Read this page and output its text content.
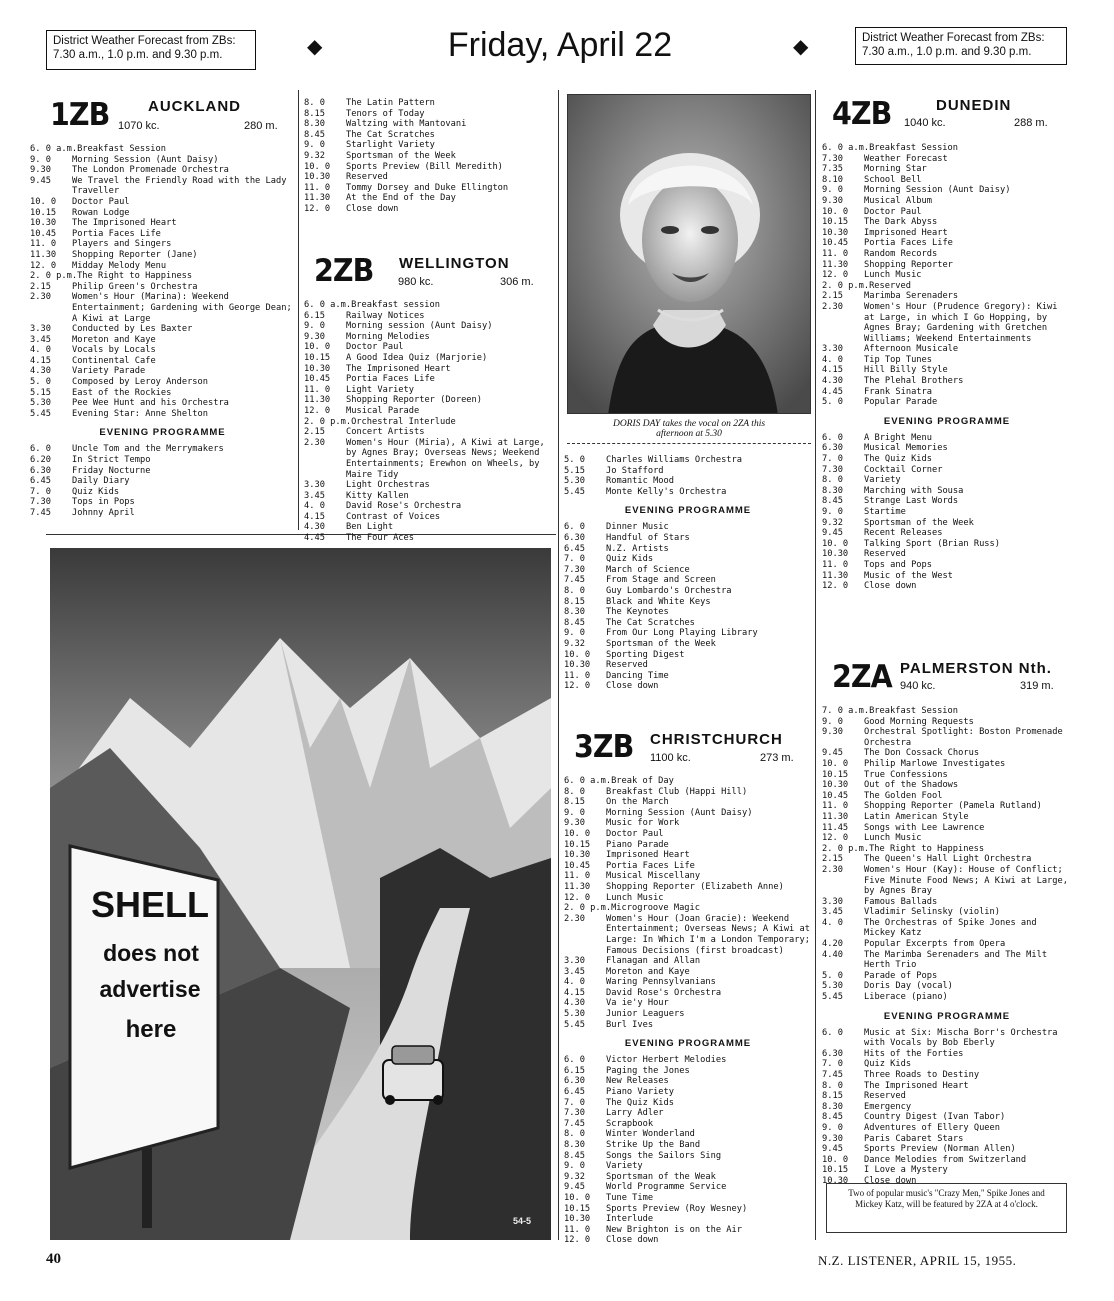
District Weather Forecast from ZBs:
7.30 a.m., 1.0 p.m. and 9.30 p.m.	◆	Friday, April 22	◆	District Weather Forecast from ZBs:
7.30 a.m., 1.0 p.m. and 9.30 p.m.
1ZB	AUCKLAND
1070 kc.	280 m.
6. 0 a.m. Breakfast Session
9. 0	Morning Session (Aunt Daisy)
9.30	The London Promenade Orchestra
9.45	We Travel the Friendly Road with the Lady Traveller
10. 0	Doctor Paul
10.15	Rowan Lodge
10.30	The Imprisoned Heart
10.45	Portia Faces Life
11. 0	Players and Singers
11.30	Shopping Reporter (Jane)
12. 0	Midday Melody Menu
2. 0 p.m. The Right to Happiness
2.15	Philip Green's Orchestra
2.30	Women's Hour (Marina): Weekend Entertainment; Gardening with George Dean; A Kiwi at Large
3.30	Conducted by Les Baxter
3.45	Moreton and Kaye
4. 0	Vocals by Locals
4.15	Continental Cafe
4.30	Variety Parade
5. 0	Composed by Leroy Anderson
5.15	East of the Rockies
5.30	Pee Wee Hunt and his Orchestra
5.45	Evening Star: Anne Shelton
EVENING PROGRAMME
6. 0	Uncle Tom and the Merrymakers
6.20	In Strict Tempo
6.30	Friday Nocturne
6.45	Daily Diary
7. 0	Quiz Kids
7.30	Tops in Pops
7.45	Johnny April
8. 0	The Latin Pattern
8.15	Tenors of Today
8.30	Waltzing with Mantovani
8.45	The Cat Scratches
9. 0	Starlight Variety
9.32	Sportsman of the Week
10. 0	Sports Preview (Bill Meredith)
10.30	Reserved
11. 0	Tommy Dorsey and Duke Ellington
11.30	At the End of the Day
12. 0	Close down
2ZB WELLINGTON
980 kc.	306 m.
6. 0 a.m. Breakfast session
6.15	Railway Notices
9. 0	Morning session (Aunt Daisy)
9.30	Morning Melodies
10. 0	Doctor Paul
10.15	A Good Idea Quiz (Marjorie)
10.30	The Imprisoned Heart
10.45	Portia Faces Life
11. 0	Light Variety
11.30	Shopping Reporter (Doreen)
12. 0	Musical Parade
2. 0 p.m. Orchestral Interlude
2.15	Concert Artists
2.30	Women's Hour (Miria), A Kiwi at Large, by Agnes Bray; Overseas News; Weekend Entertainments; Erewhon on Wheels, by Maire Tidy
3.30	Light Orchestras
3.45	Kitty Kallen
4. 0	David Rose's Orchestra
4.15	Contrast of Voices
4.30	Ben Light
4.45	The Four Aces
DORIS DAY takes the vocal on 2ZA this
afternoon at 5.30
5. 0	Charles Williams Orchestra
5.15	Jo Stafford
5.30	Romantic Mood
5.45	Monte Kelly's Orchestra
EVENING PROGRAMME
6. 0	Dinner Music
6.30	Handful of Stars
6.45	N.Z. Artists
7. 0	Quiz Kids
7.30	March of Science
7.45	From Stage and Screen
8. 0	Guy Lombardo's Orchestra
8.15	Black and White Keys
8.30	The Keynotes
8.45	The Cat Scratches
9. 0	From Our Long Playing Library
9.32	Sportsman of the Week
10. 0	Sporting Digest
10.30	Reserved
11. 0	Dancing Time
12. 0	Close down
3ZB CHRISTCHURCH
1100 kc.	273 m.
6. 0 a.m. Break of Day
8. 0	Breakfast Club (Happi Hill)
8.15	On the March
9. 0	Morning Session (Aunt Daisy)
9.30	Music for Work
10. 0	Doctor Paul
10.15	Piano Parade
10.30	Imprisoned Heart
10.45	Portia Faces Life
11. 0	Musical Miscellany
11.30	Shopping Reporter (Elizabeth Anne)
12. 0	Lunch Music
2. 0 p.m. Microgroove Magic
2.30	Women's Hour (Joan Gracie): Weekend Entertainment; Overseas News; A Kiwi at Large: In Which I'm a London Temporary; Famous Decisions (first broadcast)
3.30	Flanagan and Allan
3.45	Moreton and Kaye
4. 0	Waring Pennsylvanians
4.15	David Rose's Orchestra
4.30	Va ie'y Hour
5.30	Junior Leaguers
5.45	Burl Ives
EVENING PROGRAMME
6. 0	Victor Herbert Melodies
6.15	Paging the Jones
6.30	New Releases
6.45	Piano Variety
7. 0	The Quiz Kids
7.30	Larry Adler
7.45	Scrapbook
8. 0	Winter Wonderland
8.30	Strike Up the Band
8.45	Songs the Sailors Sing
9. 0	Variety
9.32	Sportsman of the Weak
9.45	World Programme Service
10. 0	Tune Time
10.15	Sports Preview (Roy Wesney)
10.30	Interlude
11. 0	New Brighton is on the Air
12. 0	Close down
4ZB	DUNEDIN
1040 kc.	288 m.
6. 0 a.m. Breakfast Session
7.30	Weather Forecast
7.35	Morning Star
8.10	School Bell
9. 0	Morning Session (Aunt Daisy)
9.30	Musical Album
10. 0	Doctor Paul
10.15	The Dark Abyss
10.30	Imprisoned Heart
10.45	Portia Faces Life
11. 0	Random Records
11.30	Shopping Reporter
12. 0	Lunch Music
2. 0 p.m. Reserved
2.15	Marimba Serenaders
2.30	Women's Hour (Prudence Gregory): Kiwi at Large, in which I Go Hopping, by Agnes Bray; Gardening with Gretchen Williams; Weekend Entertainments
3.30	Afternoon Musicale
4. 0	Tip Top Tunes
4.15	Hill Billy Style
4.30	The Plehal Brothers
4.45	Frank Sinatra
5. 0	Popular Parade
EVENING PROGRAMME
6. 0	A Bright Menu
6.30	Musical Memories
7. 0	The Quiz Kids
7.30	Cocktail Corner
8. 0	Variety
8.30	Marching with Sousa
8.45	Strange Last Words
9. 0	Startime
9.32	Sportsman of the Week
9.45	Recent Releases
10. 0	Talking Sport (Brian Russ)
10.30	Reserved
11. 0	Tops and Pops
11.30	Music of the West
12. 0	Close down
2ZA PALMERSTON Nth.
940 kc.	319 m.
7. 0 a.m. Breakfast Session
9. 0	Good Morning Requests
9.30	Orchestral Spotlight: Boston Promenade Orchestra
9.45	The Don Cossack Chorus
10. 0	Philip Marlowe Investigates
10.15	True Confessions
10.30	Out of the Shadows
10.45	The Golden Fool
11. 0	Shopping Reporter (Pamela Rutland)
11.30	Latin American Style
11.45	Songs with Lee Lawrence
12. 0	Lunch Music
2. 0 p.m. The Right to Happiness
2.15	The Queen's Hall Light Orchestra
2.30	Women's Hour (Kay): House of Conflict; Five Minute Food News; A Kiwi at Large, by Agnes Bray
3.30	Famous Ballads
3.45	Vladimir Selinsky (violin)
4. 0	The Orchestras of Spike Jones and Mickey Katz
4.20	Popular Excerpts from Opera
4.40	The Marimba Serenaders and The Milt Herth Trio
5. 0	Parade of Pops
5.30	Doris Day (vocal)
5.45	Liberace (piano)
EVENING PROGRAMME
6. 0	Music at Six: Mischa Borr's Orchestra with Vocals by Bob Eberly
6.30	Hits of the Forties
7. 0	Quiz Kids
7.45	Three Roads to Destiny
8. 0	The Imprisoned Heart
8.15	Reserved
8.30	Emergency
8.45	Country Digest (Ivan Tabor)
9. 0	Adventures of Ellery Queen
9.30	Paris Cabaret Stars
9.45	Sports Preview (Norman Allen)
10. 0	Dance Melodies from Switzerland
10.15	I Love a Mystery
10.30	Close down
Two of popular music's "Crazy Men," Spike Jones and Mickey Katz, will be featured by 2ZA at 4 o'clock.
SHELL
does not
advertise
here
54-5
40	N.Z. LISTENER, APRIL 15, 1955.
